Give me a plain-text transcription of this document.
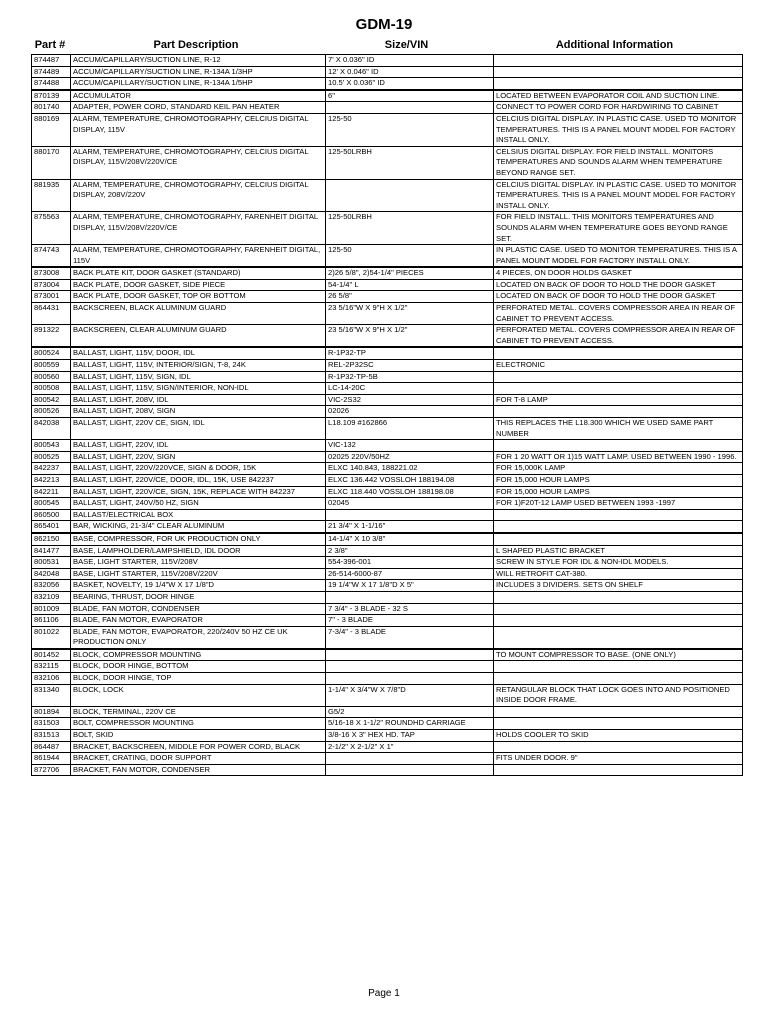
GDM-19
Part #	Part Description	Size/VIN	Additional Information
874487	ACCUM/CAPILLARY/SUCTION LINE, R-12	7' X 0.036" ID	
874489	ACCUM/CAPILLARY/SUCTION LINE, R-134A 1/3HP	12' X 0.046" ID	
874488	ACCUM/CAPILLARY/SUCTION LINE, R-134A 1/5HP	10.5' X 0.036" ID	
870139	ACCUMULATOR	6"	LOCATED BETWEEN EVAPORATOR COIL AND SUCTION LINE.
801740	ADAPTER, POWER CORD, STANDARD KEIL PAN HEATER		CONNECT TO POWER CORD FOR HARDWIRING TO CABINET
880169	ALARM, TEMPERATURE, CHROMOTOGRAPHY, CELCIUS DIGITAL DISPLAY, 115V	125-50	CELCIUS DIGITAL DISPLAY. IN PLASTIC CASE. USED TO MONITOR TEMPERATURES. THIS IS A PANEL MOUNT MODEL FOR FACTORY INSTALL ONLY.
880170	ALARM, TEMPERATURE, CHROMOTOGRAPHY, CELCIUS DIGITAL DISPLAY, 115V/208V/220V/CE	125-50LRBH	CELSIUS DIGITAL DISPLAY. FOR FIELD INSTALL. MONITORS TEMPERATURES AND SOUNDS ALARM WHEN TEMPERATURE BEYOND RANGE SET.
881935	ALARM, TEMPERATURE, CHROMOTOGRAPHY, CELCIUS DIGITAL DISPLAY, 208V/220V		CELCIUS DIGITAL DISPLAY. IN PLASTIC CASE. USED TO MONITOR TEMPERATURES. THIS IS A PANEL MOUNT MODEL FOR FACTORY INSTALL ONLY.
875563	ALARM, TEMPERATURE, CHROMOTOGRAPHY, FARENHEIT DIGITAL DISPLAY, 115V/208V/220V/CE	125-50LRBH	FOR FIELD INSTALL. THIS MONITORS TEMPERATURES AND SOUNDS ALARM WHEN TEMPERATURE GOES BEYOND RANGE SET.
874743	ALARM, TEMPERATURE, CHROMOTOGRAPHY, FARENHEIT DIGITAL, 115V	125-50	IN PLASTIC CASE. USED TO MONITOR TEMPERATURES. THIS IS A PANEL MOUNT MODEL FOR FACTORY INSTALL ONLY.
873008	BACK PLATE KIT, DOOR GASKET (STANDARD)	2)26 5/8", 2)54-1/4" PIECES	4 PIECES, ON DOOR HOLDS GASKET
873004	BACK PLATE, DOOR GASKET, SIDE PIECE	54-1/4" L	LOCATED ON BACK OF DOOR TO HOLD THE DOOR GASKET
873001	BACK PLATE, DOOR GASKET, TOP OR BOTTOM	26 5/8"	LOCATED ON BACK OF DOOR TO HOLD THE DOOR GASKET
864431	BACKSCREEN, BLACK ALUMINUM GUARD	23 5/16"W X 9"H X 1/2"	PERFORATED METAL. COVERS COMPRESSOR AREA IN REAR OF CABINET TO PREVENT ACCESS.
891322	BACKSCREEN, CLEAR ALUMINUM GUARD	23 5/16"W X 9"H X 1/2"	PERFORATED METAL. COVERS COMPRESSOR AREA IN REAR OF CABINET TO PREVENT ACCESS.
800524	BALLAST, LIGHT, 115V, DOOR, IDL	R-1P32-TP	
800559	BALLAST, LIGHT, 115V, INTERIOR/SIGN, T-8, 24K	REL-2P32SC	ELECTRONIC
800560	BALLAST, LIGHT, 115V, SIGN, IDL	R-1P32-TP-5B	
800508	BALLAST, LIGHT, 115V, SIGN/INTERIOR, NON-IDL	LC-14-20C	
800542	BALLAST, LIGHT, 208V, IDL	VIC-2S32	FOR T-8 LAMP
800526	BALLAST, LIGHT, 208V, SIGN	02026	
842038	BALLAST, LIGHT, 220V CE, SIGN, IDL	L18.109 #162866	THIS REPLACES THE L18.300 WHICH WE USED SAME PART NUMBER
800543	BALLAST, LIGHT, 220V, IDL	VIC-132	
800525	BALLAST, LIGHT, 220V, SIGN	02025 220V/50HZ	FOR 1 20 WATT OR 1)15 WATT LAMP. USED BETWEEN 1990 - 1996.
842237	BALLAST, LIGHT, 220V/220VCE, SIGN & DOOR, 15K	ELXC 140.843, 188221.02	FOR 15,000K LAMP
842213	BALLAST, LIGHT, 220V/CE, DOOR, IDL, 15K, USE 842237	ELXC 136.442 VOSSLOH 188194.08	FOR 15,000 HOUR LAMPS
842211	BALLAST, LIGHT, 220V/CE, SIGN, 15K, REPLACE WITH 842237	ELXC 118.440 VOSSLOH 188198.08	FOR 15,000 HOUR LAMPS
800545	BALLAST, LIGHT, 240V/50 HZ, SIGN	02045	FOR 1)F20T-12 LAMP USED BETWEEN 1993 -1997
860500	BALLAST/ELECTRICAL BOX		
865401	BAR, WICKING, 21-3/4" CLEAR ALUMINUM	21 3/4" X 1-1/16"	
862150	BASE, COMPRESSOR, FOR UK PRODUCTION ONLY	14-1/4" X 10 3/8"	
841477	BASE, LAMPHOLDER/LAMPSHIELD, IDL DOOR	2 3/8"	L SHAPED PLASTIC BRACKET
800531	BASE, LIGHT STARTER, 115V/208V	554-396-001	SCREW IN STYLE FOR IDL & NON-IDL MODELS.
842048	BASE, LIGHT STARTER, 115V/208V/220V	26-514-6000-87	WILL RETROFIT CAT-380.
832056	BASKET, NOVELTY, 19 1/4"W X 17 1/8"D	19 1/4"W X 17 1/8"D X 5"	INCLUDES 3 DIVIDERS. SETS ON SHELF
832109	BEARING, THRUST, DOOR HINGE		
801009	BLADE, FAN MOTOR, CONDENSER	7 3/4" - 3 BLADE - 32 S	
861106	BLADE, FAN MOTOR, EVAPORATOR	7" - 3 BLADE	
801022	BLADE, FAN MOTOR, EVAPORATOR, 220/240V 50 HZ CE UK PRODUCTION ONLY	7-3/4" - 3 BLADE	
801452	BLOCK, COMPRESSOR MOUNTING		TO MOUNT COMPRESSOR TO BASE. (ONE ONLY)
832115	BLOCK, DOOR HINGE, BOTTOM		
832106	BLOCK, DOOR HINGE, TOP		
831340	BLOCK, LOCK	1-1/4" X 3/4"W X 7/8"D	RETANGULAR BLOCK THAT LOCK GOES INTO AND POSITIONED INSIDE DOOR FRAME.
801894	BLOCK, TERMINAL, 220V CE	G5/2	
831503	BOLT, COMPRESSOR MOUNTING	5/16-18 X 1-1/2" ROUNDHD CARRIAGE	
831513	BOLT, SKID	3/8-16 X 3" HEX HD. TAP	HOLDS COOLER TO SKID
864487	BRACKET, BACKSCREEN, MIDDLE FOR POWER CORD, BLACK	2-1/2" X 2-1/2" X 1"	
861944	BRACKET, CRATING, DOOR SUPPORT		FITS UNDER DOOR. 9"
872706	BRACKET, FAN MOTOR, CONDENSER		
Page 1
